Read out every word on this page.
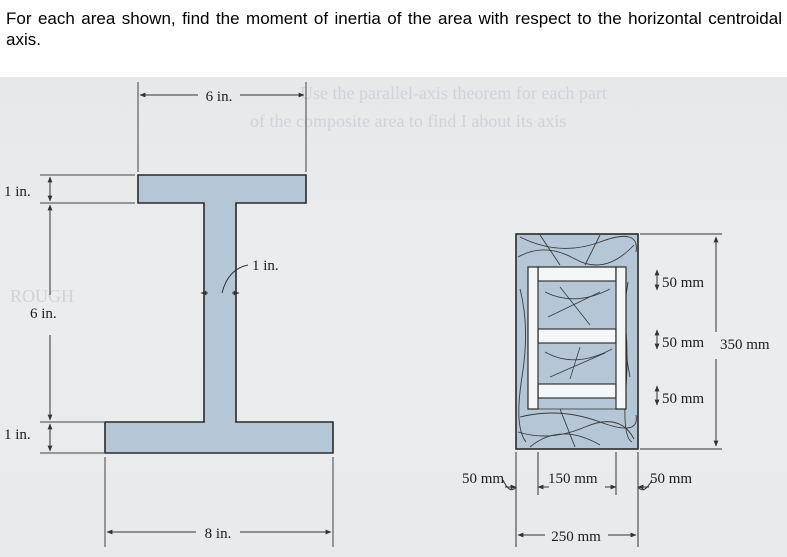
For each area shown, find the moment of inertia of the area with respect to the horizontal centroidal axis.
Use the parallel-axis theorem for each part
of the composite area to find I about its axis
ROUGH
6 in.
1 in.
6 in.
1 in.
1 in.
8 in.
50 mm
50 mm
50 mm
350 mm
50 mm	150 mm	50 mm
250 mm
